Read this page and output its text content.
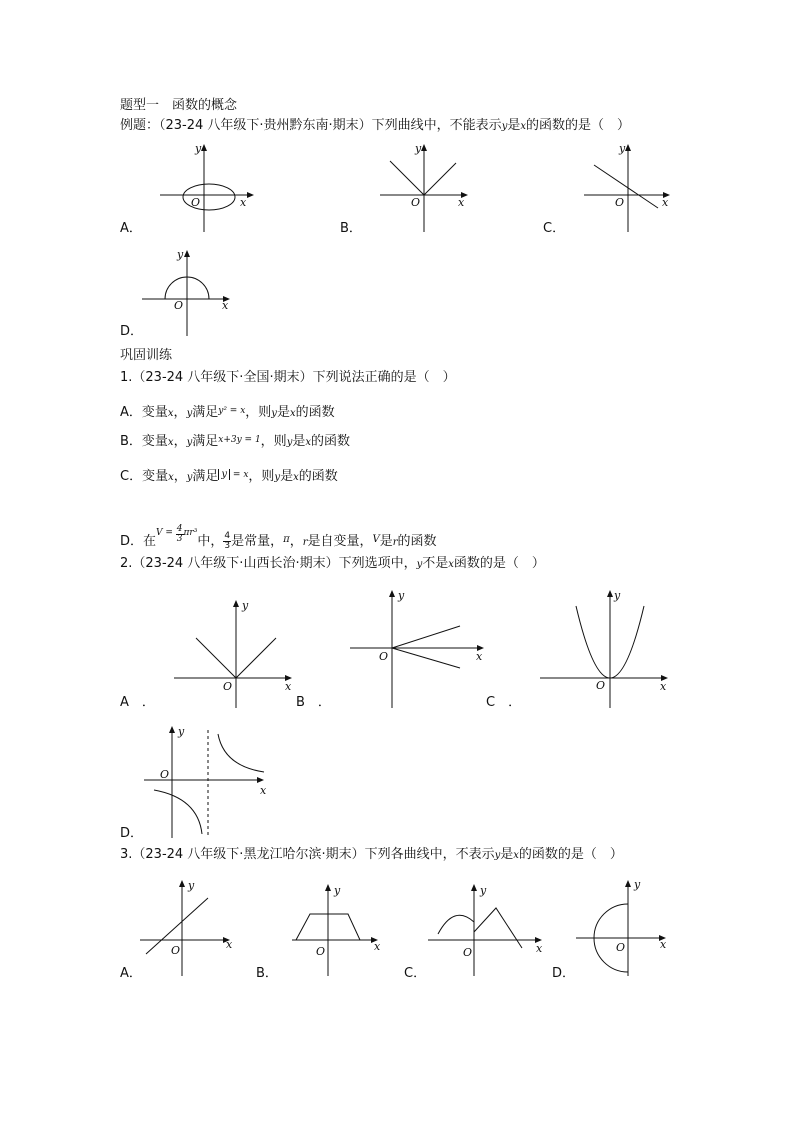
题型一　函数的概念
例题：（23-24 八年级下·贵州黔东南·期末）下列曲线中，不能表示y是x的函数的是（　）
y
x
O
A．
y
x
O
B．
y
x
O
C．
y
x
O
D．
巩固训练
1.（23-24 八年级下·全国·期末）下列说法正确的是（　）
A．变量x，y满足$^{y^2 = x}$，则y是x的函数
B．变量x，y满足$^{x+3y = 1}$，则y是x的函数
C．变量x，y满足 y $^{= x}$，则y是x的函数
D．在$^{V =} \frac{4}{3} ^{\pi r^3}$中， $\frac{4}{3}$ 是常量，$^\pi$，r是自变量，$^V$是r的函数
2.（23-24 八年级下·山西长治·期末）下列选项中，y不是x函数的是（　）
y
x
O
A　．
y
x
O
B　．
y
x
O
C　．
y
x
O
D．
3.（23-24 八年级下·黑龙江哈尔滨·期末）下列各曲线中，不表示y是x的函数的是（　）
y
x
O
A．
y
x
O
B．
y
x
O
C．
y
x
O
D．
